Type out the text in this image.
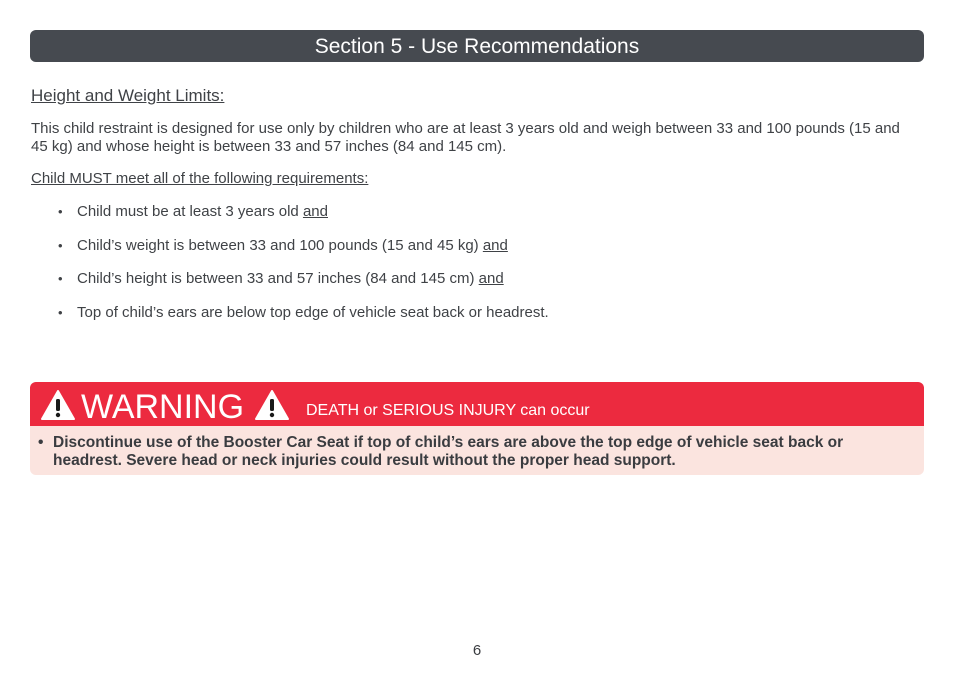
Section 5 - Use Recommendations
Height and Weight Limits:

This child restraint is designed for use only by children who are at least 3 years old and weigh between 33 and 100 pounds (15 and 45 kg) and whose height is between 33 and 57 inches (84 and 145 cm).

Child MUST meet all of the following requirements:

• Child must be at least 3 years old and
• Child’s weight is between 33 and 100 pounds (15 and 45 kg) and
• Child’s height is between 33 and 57 inches (84 and 145 cm) and
• Top of child’s ears are below top edge of vehicle seat back or headrest.
WARNING	DEATH or SERIOUS INJURY can occur
• Discontinue use of the Booster Car Seat if top of child’s ears are above the top edge of vehicle seat back or headrest. Severe head or neck injuries could result without the proper head support.

6
